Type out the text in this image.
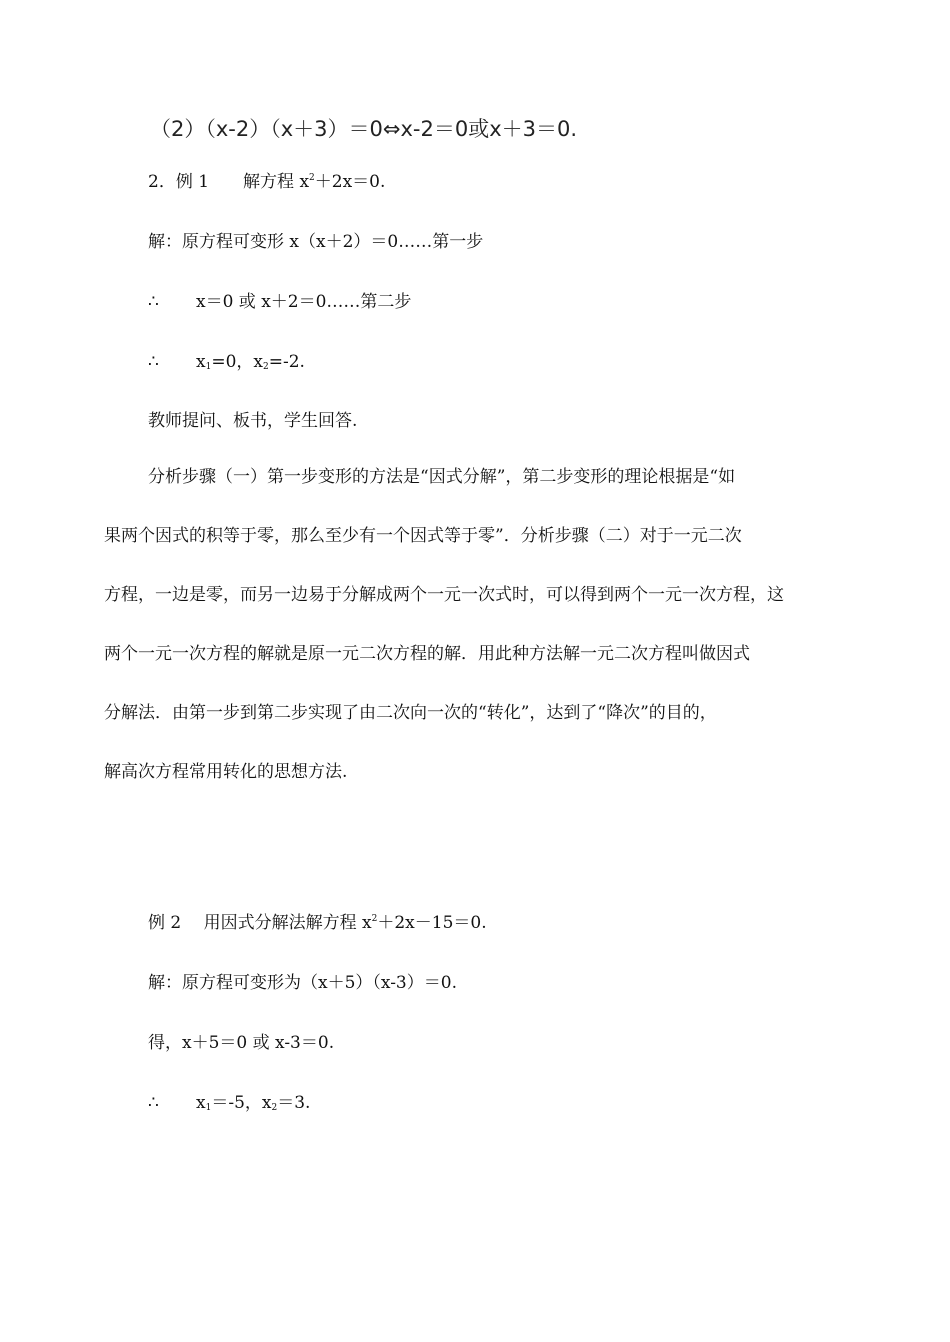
（2）（x-2）（x＋3）＝0⇔x-2＝0或x＋3＝0.
2．例 1　　解方程 $x^2+2x=0$.
解：原方程可变形 x（x＋2）＝0……第一步
∴ x＝0 或 x＋2＝0……第二步
∴ $x_1=0$，$x_2=-2$.
教师提问、板书，学生回答.
分析步骤（一）第一步变形的方法是“因式分解”，第二步变形的理论根据是“如
果两个因式的积等于零，那么至少有一个因式等于零”．分析步骤（二）对于一元二次
方程，一边是零，而另一边易于分解成两个一元一次式时，可以得到两个一元一次方程，这
两个一元一次方程的解就是原一元二次方程的解．用此种方法解一元二次方程叫做因式
分解法．由第一步到第二步实现了由二次向一次的“转化”，达到了“降次”的目的，
解高次方程常用转化的思想方法.
例 2　 用因式分解法解方程 $x^2+2x-15=0$.
解：原方程可变形为（x＋5）（x-3）＝0.
得，x＋5＝0 或 x-3＝0.
∴ $x_1=-5$，$x_2=3$.
